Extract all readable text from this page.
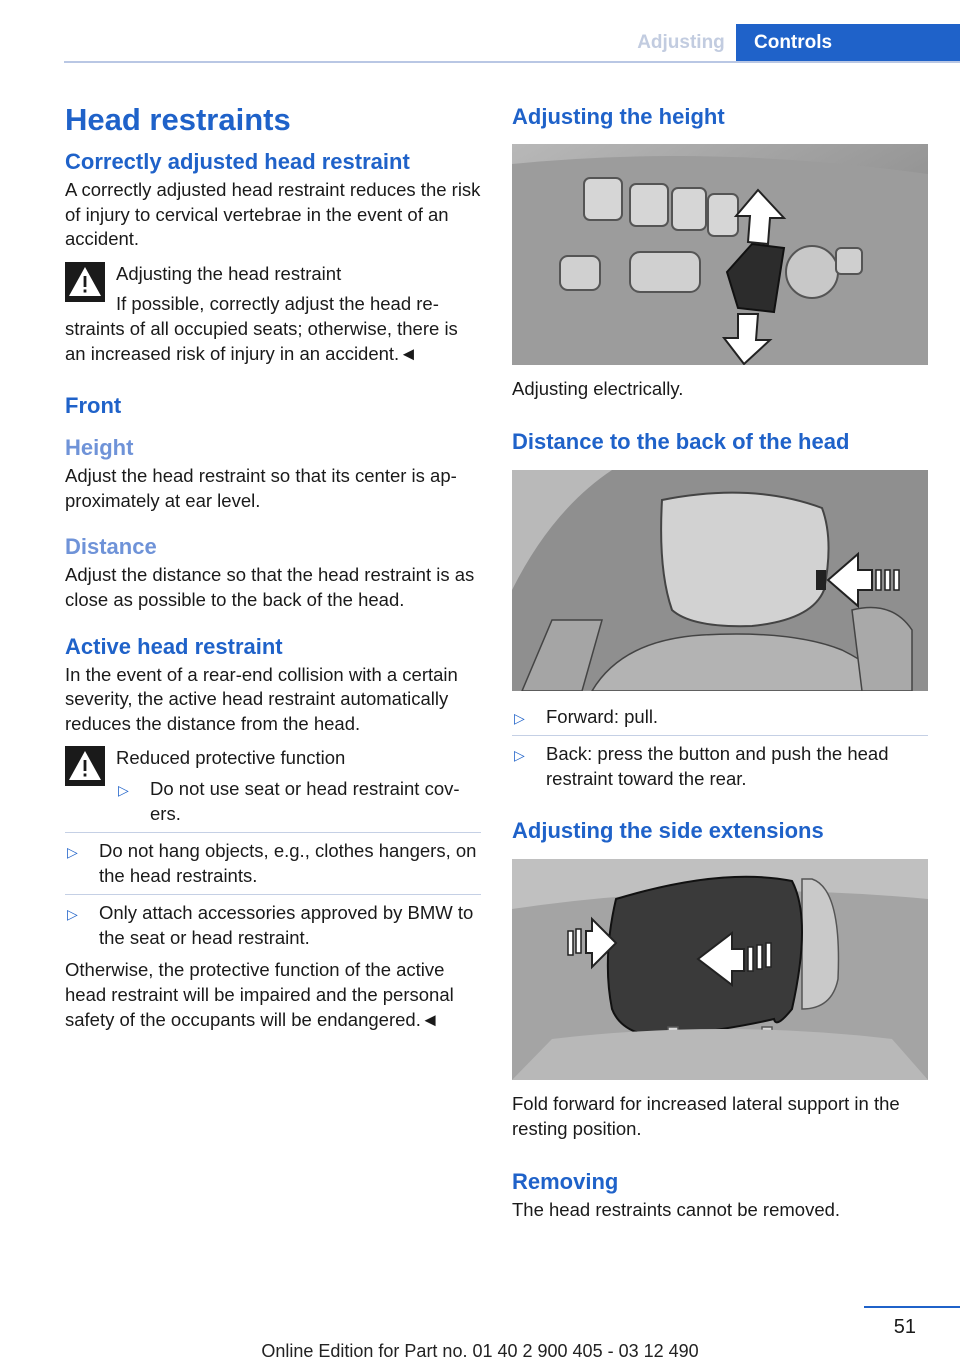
Adjusting	Controls
Head restraints
Correctly adjusted head restraint

A correctly adjusted head restraint reduces the risk of injury to cervical vertebrae in the event of an accident.

Adjusting the head restraint

If possible, correctly adjust the head re‐

straints of all occupied seats; otherwise, there is an increased risk of injury in an accident.◄

Front
Height

Adjust the head restraint so that its center is ap‐ proximately at ear level.

Distance

Adjust the distance so that the head restraint is as close as possible to the back of the head.

Active head restraint

In the event of a rear-end collision with a certain severity, the active head restraint automatically reduces the distance from the head.

Reduced protective function

▷ Do not use seat or head restraint cov‐ ers.
▷ Do not hang objects, e.g., clothes hangers, on the head restraints.
▷ Only attach accessories approved by BMW to the seat or head restraint.

Otherwise, the protective function of the active head restraint will be impaired and the personal safety of the occupants will be endangered.◄

Adjusting the height

Adjusting electrically.

Distance to the back of the head
▷ Forward: pull.
▷ Back: press the button and push the head restraint toward the rear.
Adjusting the side extensions

Fold forward for increased lateral support in the resting position.

Removing

The head restraints cannot be removed.

51
Online Edition for Part no. 01 40 2 900 405 - 03 12 490
